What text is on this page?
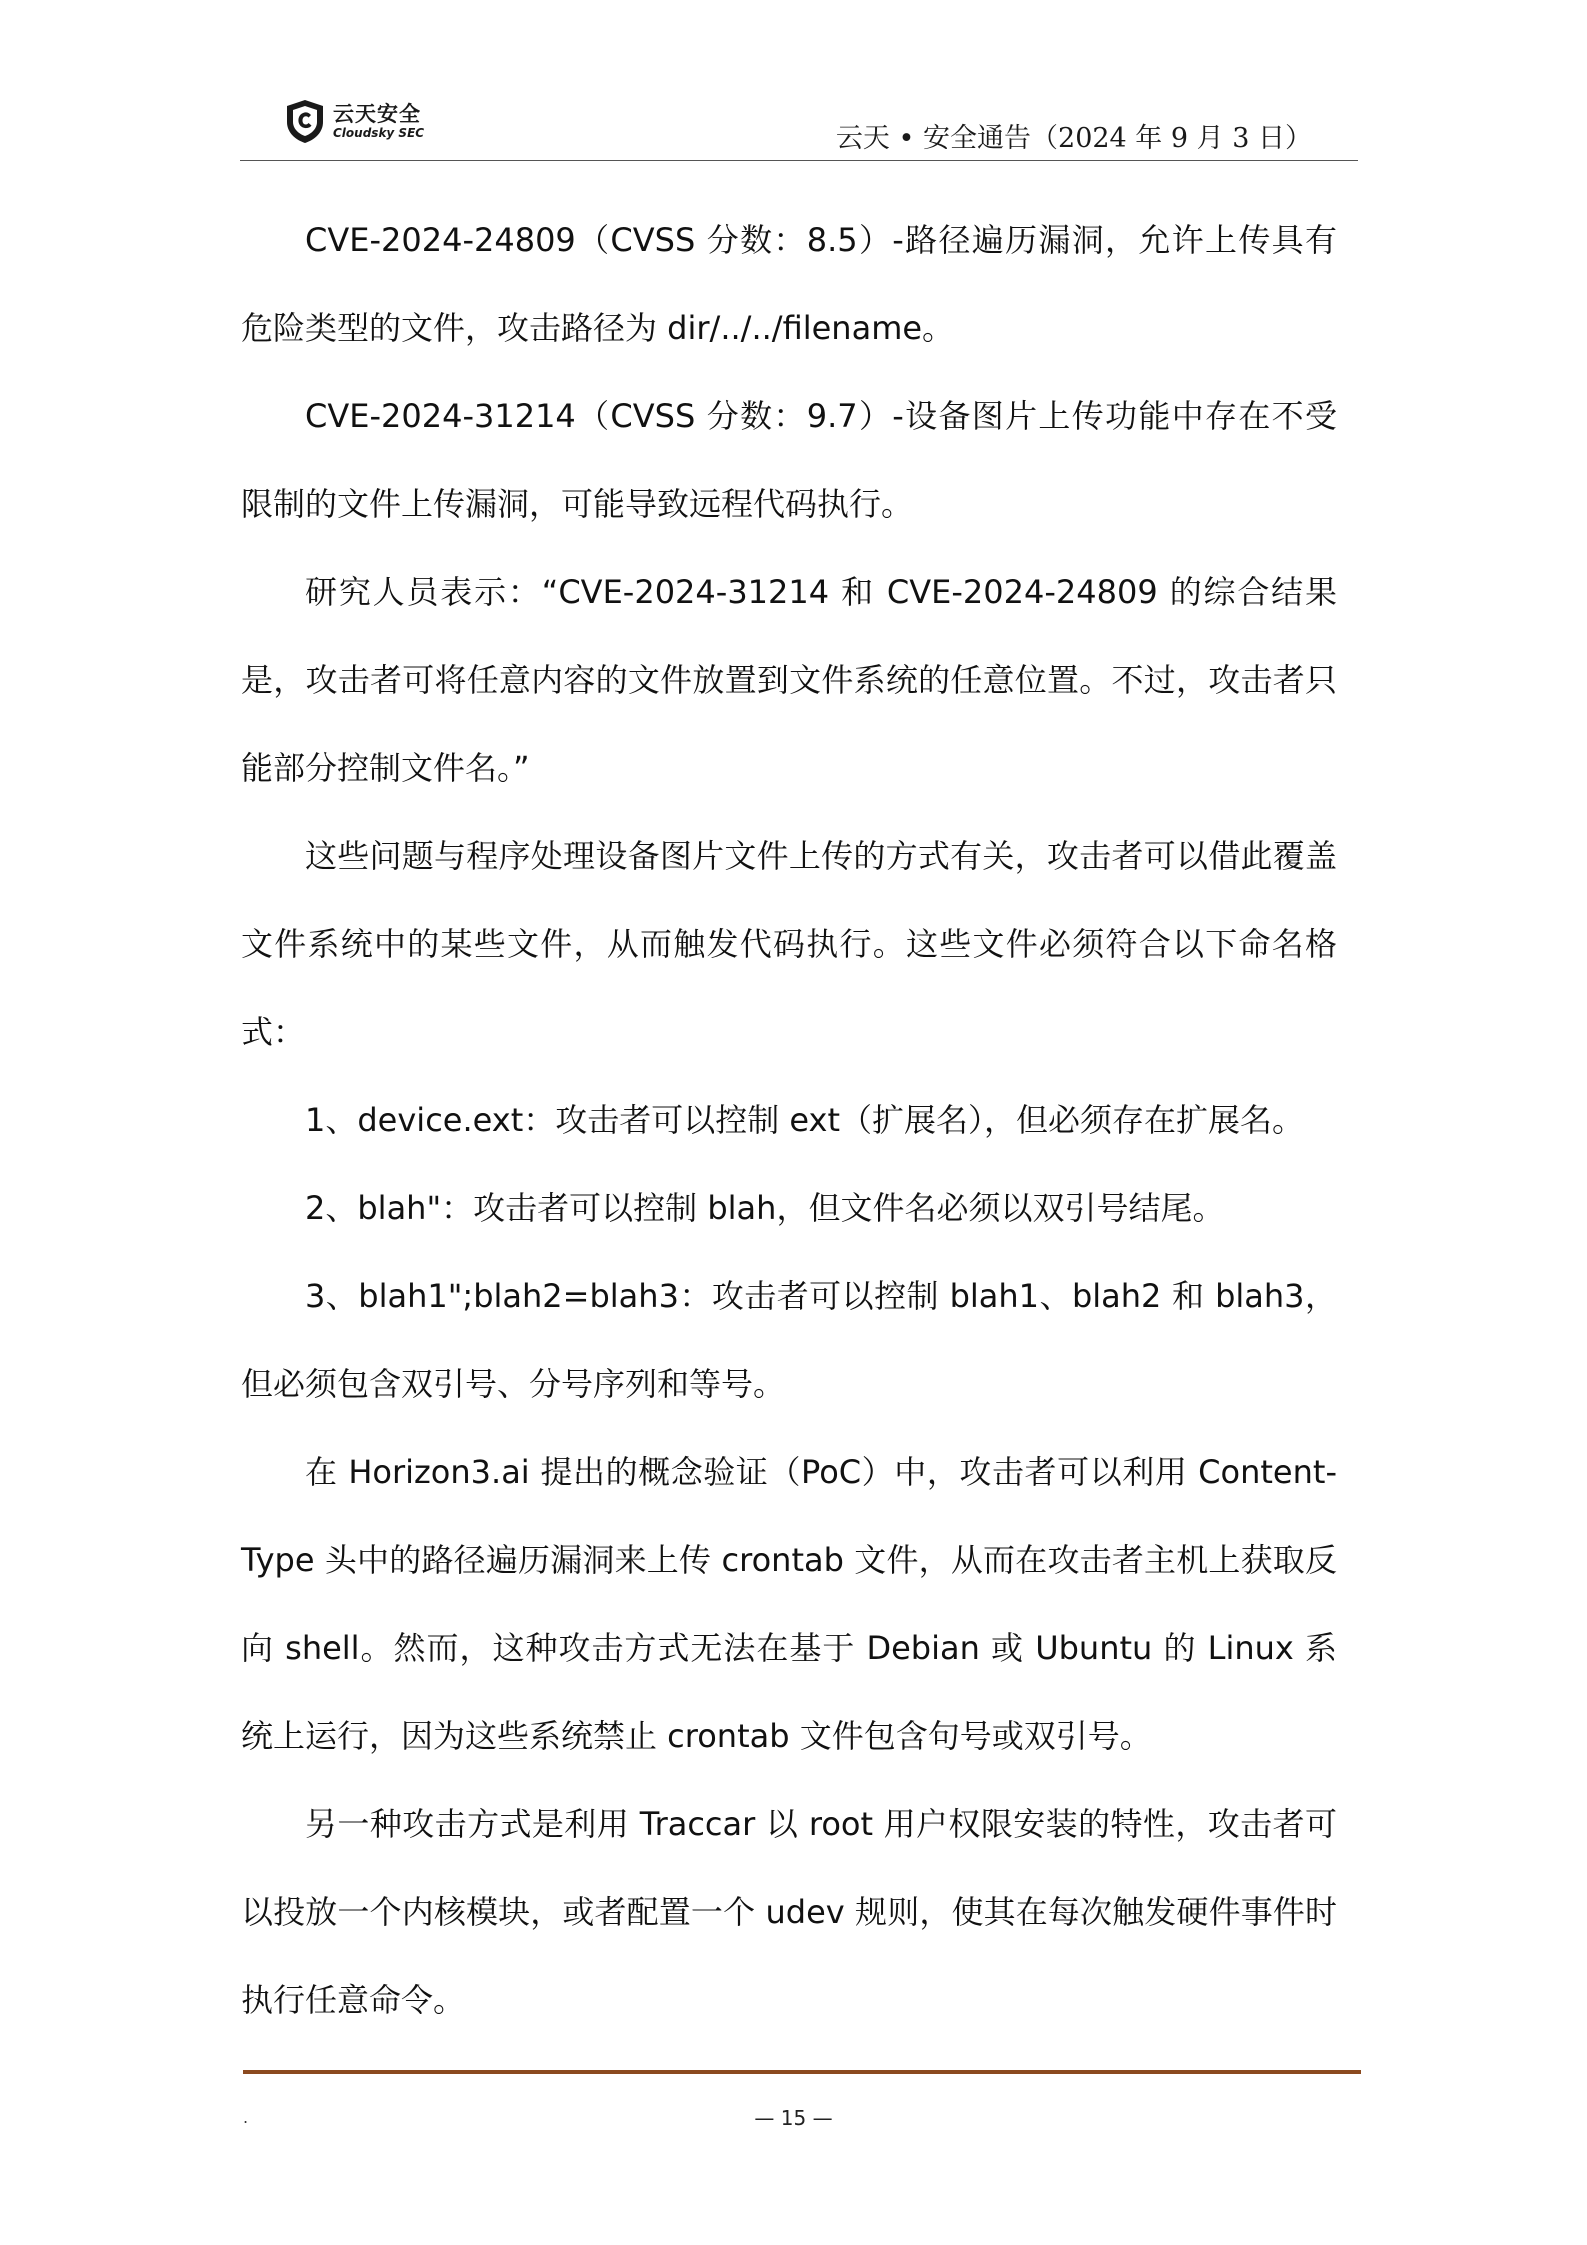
云天安全
Cloudsky SEC	云天 • 安全通告（2024 年 9 月 3 日）

CVE-2024-24809（CVSS 分数：8.5）-路径遍历漏洞，允许上传具有危险类型的文件，攻击路径为 dir/../../filename。

CVE-2024-31214（CVSS 分数：9.7）-设备图片上传功能中存在不受限制的文件上传漏洞，可能导致远程代码执行。

研究人员表示：“CVE-2024-31214 和 CVE-2024-24809 的综合结果是，攻击者可将任意内容的文件放置到文件系统的任意位置。不过，攻击者只能部分控制文件名。”

这些问题与程序处理设备图片文件上传的方式有关，攻击者可以借此覆盖文件系统中的某些文件，从而触发代码执行。这些文件必须符合以下命名格式：

1、device.ext：攻击者可以控制 ext（扩展名），但必须存在扩展名。

2、blah"：攻击者可以控制 blah，但文件名必须以双引号结尾。

3、blah1";blah2=blah3：攻击者可以控制 blah1、blah2 和 blah3，但必须包含双引号、分号序列和等号。

在 Horizon3.ai 提出的概念验证（PoC）中，攻击者可以利用 Content-Type 头中的路径遍历漏洞来上传 crontab 文件，从而在攻击者主机上获取反向 shell。然而，这种攻击方式无法在基于 Debian 或 Ubuntu 的 Linux 系统上运行，因为这些系统禁止 crontab 文件包含句号或双引号。

另一种攻击方式是利用 Traccar 以 root 用户权限安装的特性，攻击者可以投放一个内核模块，或者配置一个 udev 规则，使其在每次触发硬件事件时执行任意命令。

.	— 15 —
